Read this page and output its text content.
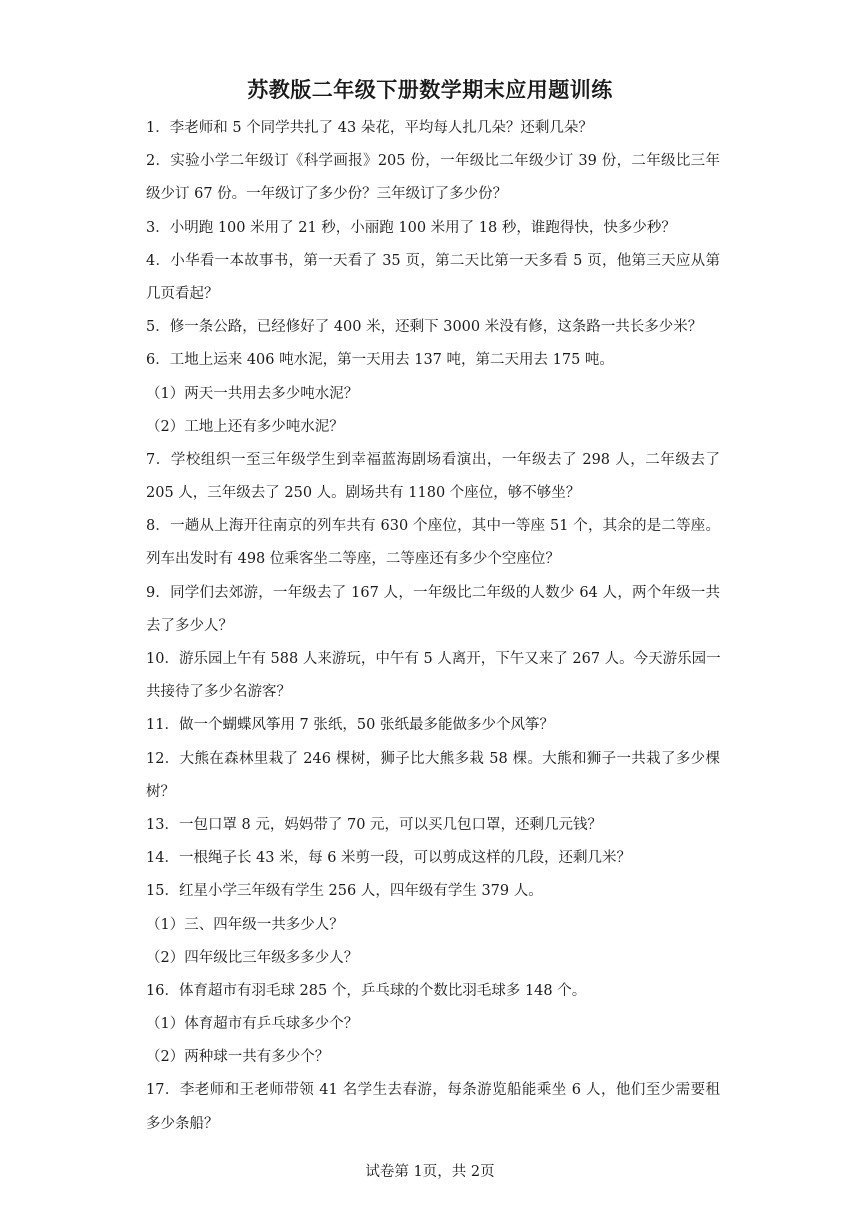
苏教版二年级下册数学期末应用题训练
1．李老师和 5 个同学共扎了 43 朵花，平均每人扎几朵？还剩几朵？
2．实验小学二年级订《科学画报》205 份，一年级比二年级少订 39 份，二年级比三年
级少订 67 份。一年级订了多少份？三年级订了多少份？
3．小明跑 100 米用了 21 秒，小丽跑 100 米用了 18 秒，谁跑得快，快多少秒？
4．小华看一本故事书，第一天看了 35 页，第二天比第一天多看 5 页，他第三天应从第
几页看起？
5．修一条公路，已经修好了 400 米，还剩下 3000 米没有修，这条路一共长多少米？
6．工地上运来 406 吨水泥，第一天用去 137 吨，第二天用去 175 吨。
（1）两天一共用去多少吨水泥？
（2）工地上还有多少吨水泥？
7．学校组织一至三年级学生到幸福蓝海剧场看演出，一年级去了 298 人，二年级去了
205 人，三年级去了 250 人。剧场共有 1180 个座位，够不够坐？
8．一趟从上海开往南京的列车共有 630 个座位，其中一等座 51 个，其余的是二等座。
列车出发时有 498 位乘客坐二等座，二等座还有多少个空座位？
9．同学们去郊游，一年级去了 167 人，一年级比二年级的人数少 64 人，两个年级一共
去了多少人？
10．游乐园上午有 588 人来游玩，中午有 5 人离开，下午又来了 267 人。今天游乐园一
共接待了多少名游客？
11．做一个蝴蝶风筝用 7 张纸，50 张纸最多能做多少个风筝？
12．大熊在森林里栽了 246 棵树，狮子比大熊多栽 58 棵。大熊和狮子一共栽了多少棵
树？
13．一包口罩 8 元，妈妈带了 70 元，可以买几包口罩，还剩几元钱？
14．一根绳子长 43 米，每 6 米剪一段，可以剪成这样的几段，还剩几米？
15．红星小学三年级有学生 256 人，四年级有学生 379 人。
（1）三、四年级一共多少人？
（2）四年级比三年级多多少人？
16．体育超市有羽毛球 285 个，乒乓球的个数比羽毛球多 148 个。
（1）体育超市有乒乓球多少个？
（2）两种球一共有多少个？
17．李老师和王老师带领 41 名学生去春游，每条游览船能乘坐 6 人，他们至少需要租
多少条船？
试卷第 1页，共 2页
